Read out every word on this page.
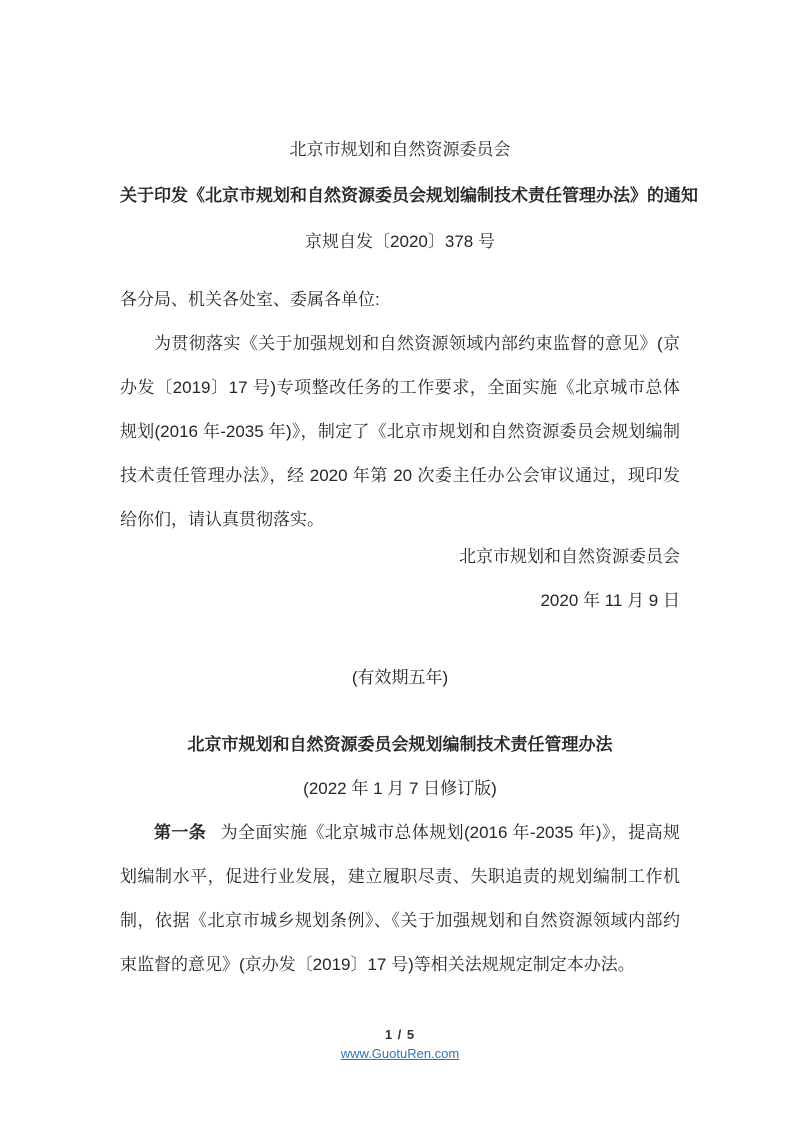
北京市规划和自然资源委员会
关于印发《北京市规划和自然资源委员会规划编制技术责任管理办法》的通知
京规自发〔2020〕378 号
各分局、机关各处室、委属各单位:
为贯彻落实《关于加强规划和自然资源领域内部约束监督的意见》(京办发〔2019〕17 号)专项整改任务的工作要求，全面实施《北京城市总体规划(2016 年-2035 年)》，制定了《北京市规划和自然资源委员会规划编制技术责任管理办法》，经 2020 年第 20 次委主任办公会审议通过，现印发给你们，请认真贯彻落实。
北京市规划和自然资源委员会
2020 年 11 月 9 日
(有效期五年)
北京市规划和自然资源委员会规划编制技术责任管理办法
(2022 年 1 月 7 日修订版)
第一条 为全面实施《北京城市总体规划(2016 年-2035 年)》，提高规划编制水平，促进行业发展，建立履职尽责、失职追责的规划编制工作机制，依据《北京市城乡规划条例》、《关于加强规划和自然资源领域内部约束监督的意见》(京办发〔2019〕17 号)等相关法规规定制定本办法。
1 / 5
www.GuotuRen.com
